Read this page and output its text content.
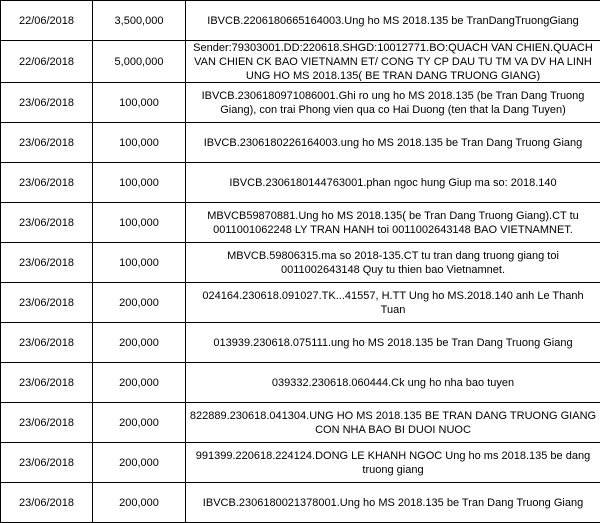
22/06/2018	3,500,000	IBVCB.2206180665164003.Ung ho MS 2018.135 be TranDangTruongGiang

22/06/2018	5,000,000	Sender:79303001.DD:220618.SHGD:10012771.BO:QUACH VAN CHIEN.QUACH VAN CHIEN CK BAO VIETNAMN ET/ CONG TY CP DAU TU TM VA DV HA LINH UNG HO MS 2018.135( BE TRAN DANG TRUONG GIANG)

23/06/2018	100,000	IBVCB.2306180971086001.Ghi ro ung ho MS 2018.135 (be Tran Dang Truong Giang), con trai Phong vien qua co Hai Duong (ten that la Dang Tuyen)

23/06/2018	100,000	IBVCB.2306180226164003.ung ho MS 2018.135 be Tran Dang Truong Giang

23/06/2018	100,000	IBVCB.2306180144763001.phan ngoc hung Giup ma so: 2018.140

23/06/2018	100,000	MBVCB59870881.Ung ho MS 2018.135( be Tran Dang Truong Giang).CT tu 0011001062248 LY TRAN HANH toi 0011002643148 BAO VIETNAMNET.

23/06/2018	100,000	MBVCB.59806315.ma so 2018-135.CT tu tran dang truong giang toi 0011002643148 Quy tu thien bao Vietnamnet.

23/06/2018	200,000	024164.230618.091027.TK...41557, H.TT Ung ho MS.2018.140 anh Le Thanh Tuan

23/06/2018	200,000	013939.230618.075111.ung ho MS 2018.135 be Tran Dang Truong Giang

23/06/2018	200,000	039332.230618.060444.Ck ung ho nha bao tuyen

23/06/2018	200,000	822889.230618.041304.UNG HO MS 2018.135 BE TRAN DANG TRUONG GIANG CON NHA BAO BI DUOI NUOC

23/06/2018	200,000	991399.220618.224124.DONG LE KHANH NGOC Ung ho ms 2018.135 be dang truong giang

23/06/2018	200,000	IBVCB.2306180021378001.Ung ho MS 2018.135 be Tran Dang Truong Giang
